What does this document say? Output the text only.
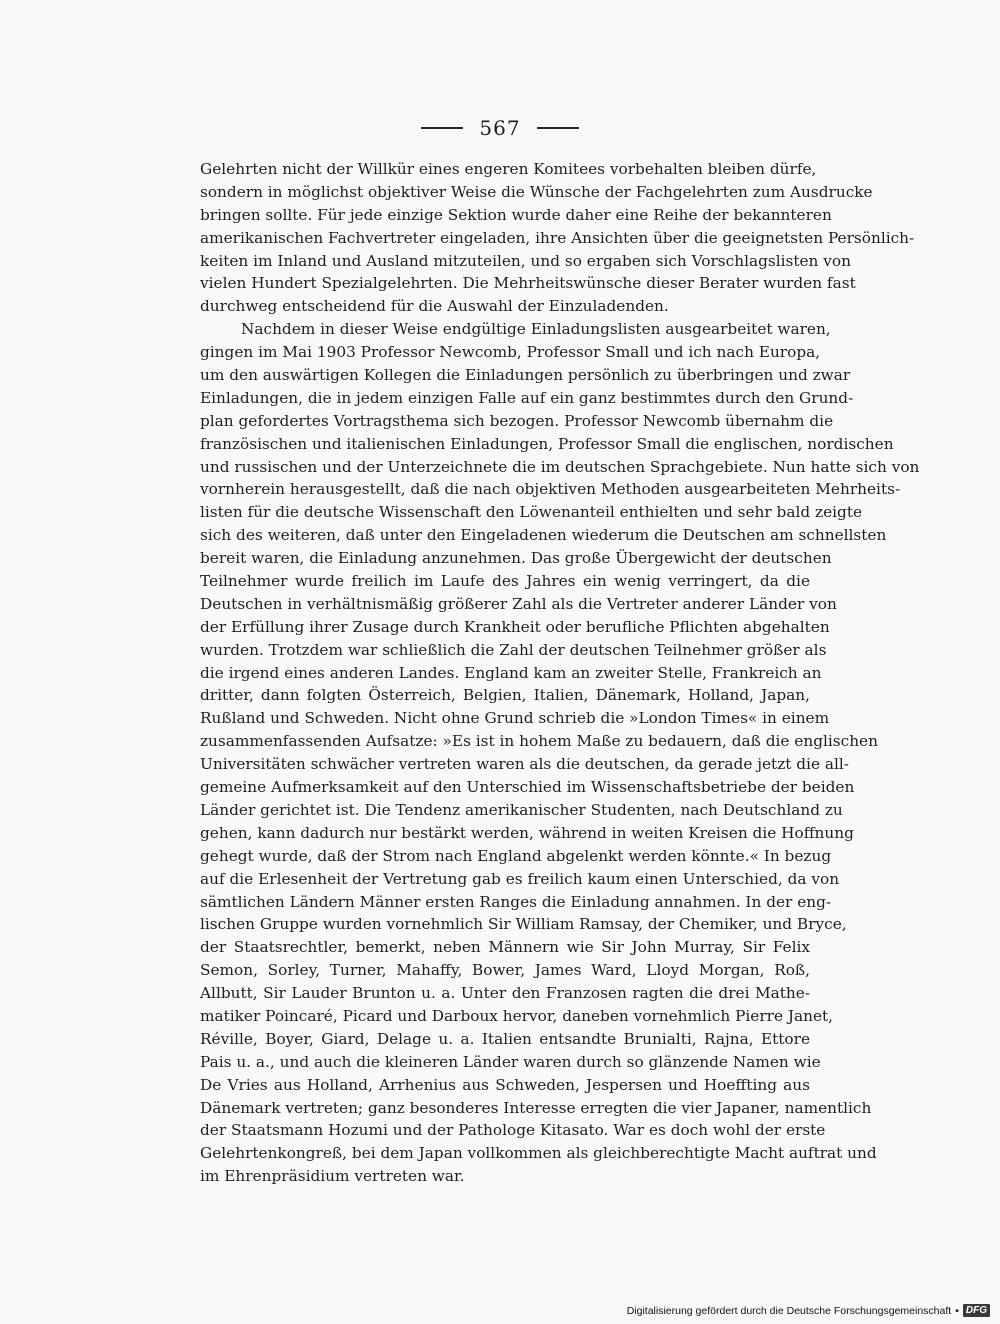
567
Gelehrten nicht der Willkür eines engeren Komitees vorbehalten bleiben dürfe,
sondern in möglichst objektiver Weise die Wünsche der Fachgelehrten zum Ausdrucke
bringen sollte. Für jede einzige Sektion wurde daher eine Reihe der bekannteren
amerikanischen Fachvertreter eingeladen, ihre Ansichten über die geeignetsten Persönlich-
keiten im Inland und Ausland mitzuteilen, und so ergaben sich Vorschlagslisten von
vielen Hundert Spezialgelehrten. Die Mehrheitswünsche dieser Berater wurden fast
durchweg entscheidend für die Auswahl der Einzuladenden.
Nachdem in dieser Weise endgültige Einladungslisten ausgearbeitet waren,
gingen im Mai 1903 Professor Newcomb, Professor Small und ich nach Europa,
um den auswärtigen Kollegen die Einladungen persönlich zu überbringen und zwar
Einladungen, die in jedem einzigen Falle auf ein ganz bestimmtes durch den Grund-
plan gefordertes Vortragsthema sich bezogen. Professor Newcomb übernahm die
französischen und italienischen Einladungen, Professor Small die englischen, nordischen
und russischen und der Unterzeichnete die im deutschen Sprachgebiete. Nun hatte sich von
vornherein herausgestellt, daß die nach objektiven Methoden ausgearbeiteten Mehrheits-
listen für die deutsche Wissenschaft den Löwenanteil enthielten und sehr bald zeigte
sich des weiteren, daß unter den Eingeladenen wiederum die Deutschen am schnellsten
bereit waren, die Einladung anzunehmen. Das große Übergewicht der deutschen
Teilnehmer wurde freilich im Laufe des Jahres ein wenig verringert, da die
Deutschen in verhältnismäßig größerer Zahl als die Vertreter anderer Länder von
der Erfüllung ihrer Zusage durch Krankheit oder berufliche Pflichten abgehalten
wurden. Trotzdem war schließlich die Zahl der deutschen Teilnehmer größer als
die irgend eines anderen Landes. England kam an zweiter Stelle, Frankreich an
dritter, dann folgten Österreich, Belgien, Italien, Dänemark, Holland, Japan,
Rußland und Schweden. Nicht ohne Grund schrieb die »London Times« in einem
zusammenfassenden Aufsatze: »Es ist in hohem Maße zu bedauern, daß die englischen
Universitäten schwächer vertreten waren als die deutschen, da gerade jetzt die all-
gemeine Aufmerksamkeit auf den Unterschied im Wissenschaftsbetriebe der beiden
Länder gerichtet ist. Die Tendenz amerikanischer Studenten, nach Deutschland zu
gehen, kann dadurch nur bestärkt werden, während in weiten Kreisen die Hoffnung
gehegt wurde, daß der Strom nach England abgelenkt werden könnte.« In bezug
auf die Erlesenheit der Vertretung gab es freilich kaum einen Unterschied, da von
sämtlichen Ländern Männer ersten Ranges die Einladung annahmen. In der eng-
lischen Gruppe wurden vornehmlich Sir William Ramsay, der Chemiker, und Bryce,
der Staatsrechtler, bemerkt, neben Männern wie Sir John Murray, Sir Felix
Semon, Sorley, Turner, Mahaffy, Bower, James Ward, Lloyd Morgan, Roß,
Allbutt, Sir Lauder Brunton u. a. Unter den Franzosen ragten die drei Mathe-
matiker Poincaré, Picard und Darboux hervor, daneben vornehmlich Pierre Janet,
Réville, Boyer, Giard, Delage u. a. Italien entsandte Brunialti, Rajna, Ettore
Pais u. a., und auch die kleineren Länder waren durch so glänzende Namen wie
De Vries aus Holland, Arrhenius aus Schweden, Jespersen und Hoeffting aus
Dänemark vertreten; ganz besonderes Interesse erregten die vier Japaner, namentlich
der Staatsmann Hozumi und der Pathologe Kitasato. War es doch wohl der erste
Gelehrtenkongreß, bei dem Japan vollkommen als gleichberechtigte Macht auftrat und
im Ehrenpräsidium vertreten war.
Digitalisierung gefördert durch die Deutsche Forschungsgemeinschaft • DFG
